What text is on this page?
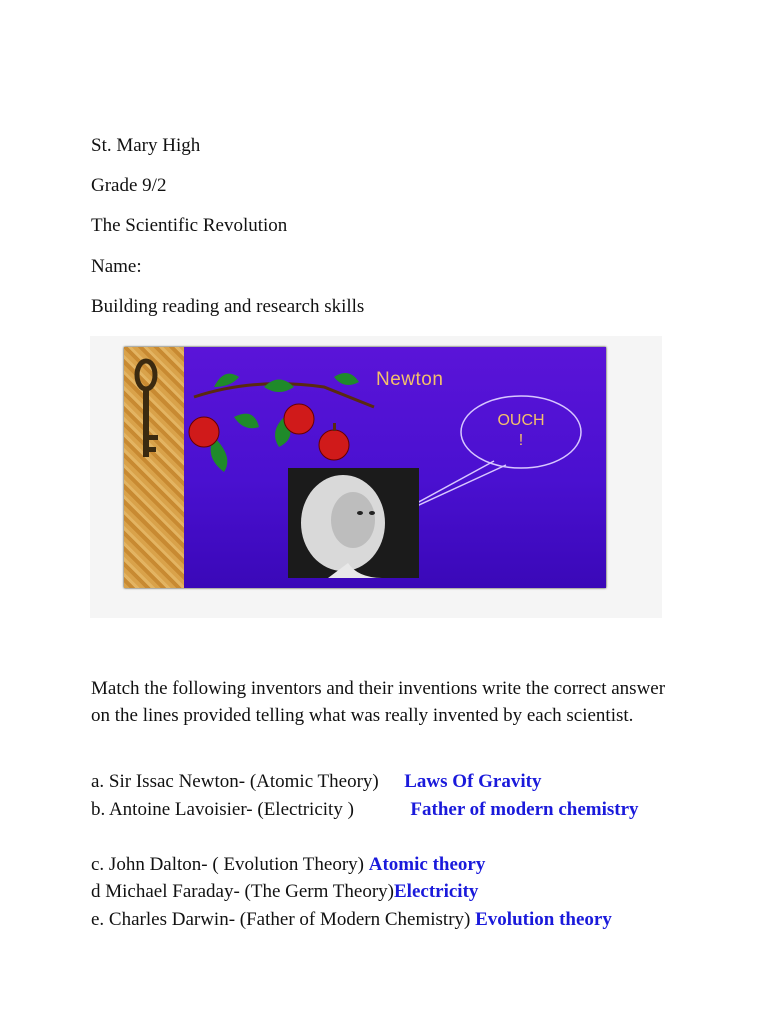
St. Mary High
Grade 9/2
The Scientific Revolution
Name:
Building reading and research skills
Newton
OUCH
!
Match the following inventors and their inventions write the correct answer on the lines provided telling what was really invented by each scientist.
a. Sir Issac Newton- (Atomic Theory) Laws Of Gravity
b. Antoine Lavoisier- (Electricity )	Father of modern chemistry
c. John Dalton- ( Evolution Theory) Atomic theory
d Michael Faraday- (The Germ Theory)Electricity
e. Charles Darwin- (Father of Modern Chemistry) Evolution theory
